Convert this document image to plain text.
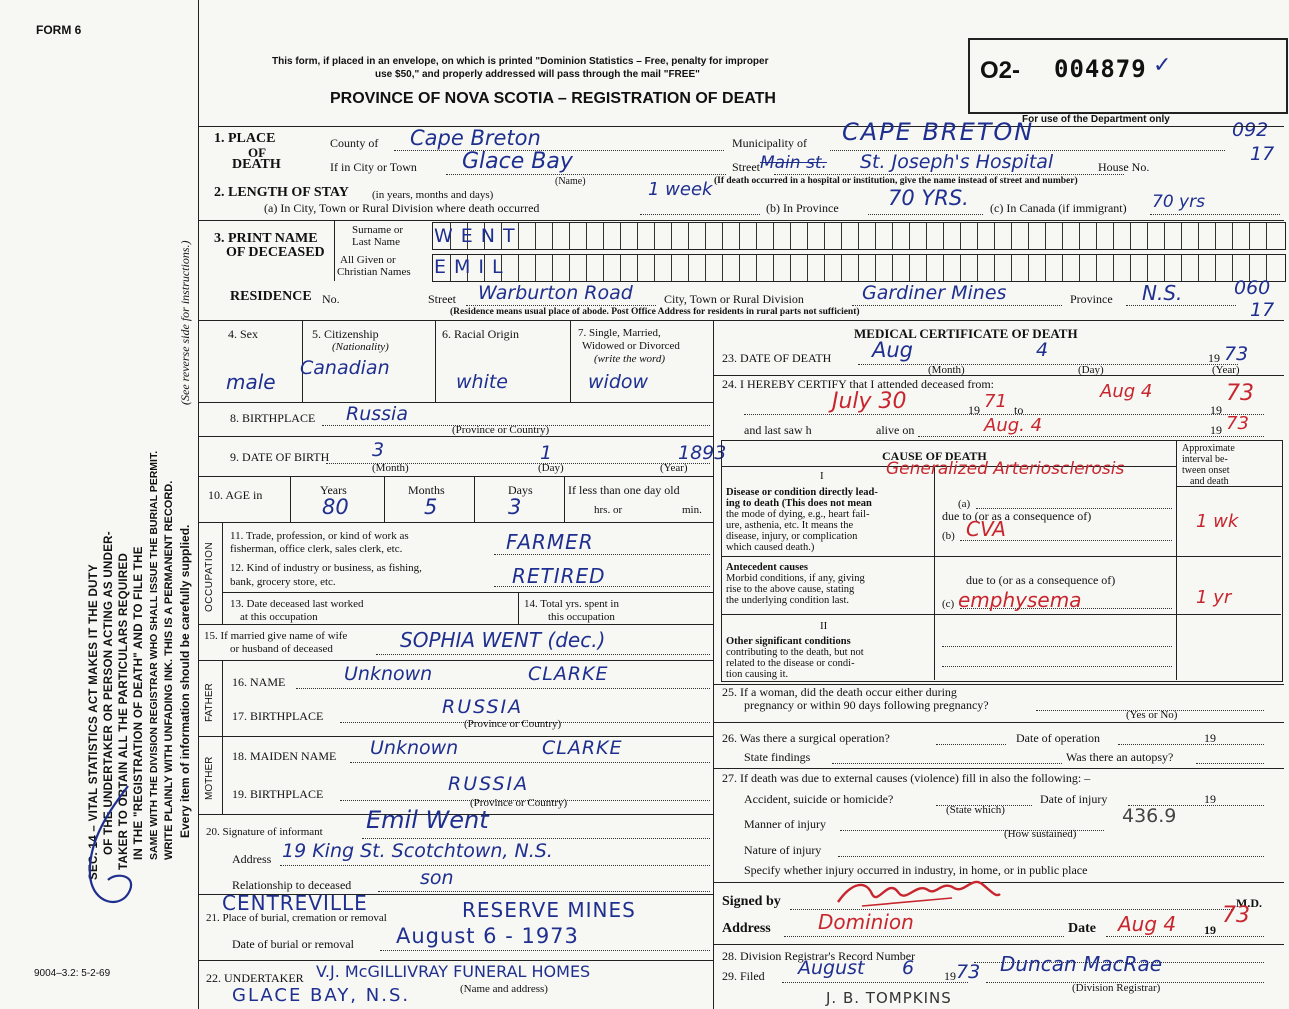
FORM 6
9004–3.2: 5-2-69
SEC. 14 – VITAL STATISTICS ACT MAKES IT THE DUTY OF THE UNDERTAKER OR PERSON ACTING AS UNDER- TAKER TO OBTAIN ALL THE PARTICULARS REQUIRED IN THE "REGISTRATION OF DEATH" AND TO FILE THE SAME WITH THE DIVISION REGISTRAR WHO SHALL ISSUE THE BURIAL PERMIT. WRITE PLAINLY WITH UNFADING INK. THIS IS A PERMANENT RECORD. Every item of information should be carefully supplied.
(See reverse side for instructions.)
This form, if placed in an envelope, on which is printed "Dominion Statistics – Free, penalty for improper
use $50," and properly addressed will pass through the mail "FREE"
PROVINCE OF NOVA SCOTIA – REGISTRATION OF DEATH
O2- 004879 ✓
For use of the Department only	092
17
1. PLACE
OF
DEATH
County of Cape Breton	Municipality of CAPE BRETON
If in City or Town Glace Bay
(Name)
Street Main st. St. Joseph's Hospital	House No.
(If death occurred in a hospital or institution, give the name instead of street and number)
2. LENGTH OF STAY (in years, months and days)
(a) In City, Town or Rural Division where death occurred
1 week
(b) In Province 70 YRS. (c) In Canada (if immigrant) 70 yrs
3. PRINT NAME
OF DECEASED
Surname or
Last Name
All Given or
Christian Names
WENT
EMIL
RESIDENCE No.	Street Warburton Road	City, Town or Rural Division	Gardiner Mines	Province N.S.	060
(Residence means usual place of abode. Post Office Address for residents in rural parts not sufficient)	17
4. Sex
male
5. Citizenship
(Nationality)
Canadian
6. Racial Origin
white
7. Single, Married,
Widowed or Divorced
(write the word)
widow
8. BIRTHPLACE Russia
(Province or Country)
9. DATE OF BIRTH 3	1	1893
(Month)	(Day)	(Year)
10. AGE in	Years	Months	Days
80	5	3
If less than one day old
hrs. or	min.
OCCUPATION
11. Trade, profession, or kind of work as
fisherman, office clerk, sales clerk, etc.	FARMER
12. Kind of industry or business, as fishing,
bank, grocery store, etc.	RETIRED
13. Date deceased last worked
at this occupation
14. Total yrs. spent in
this occupation
15. If married give name of wife
or husband of deceased	SOPHIA WENT (dec.)
FATHER
16. NAME	Unknown	CLARKE
17. BIRTHPLACE	RUSSIA
(Province or Country)
MOTHER
18. MAIDEN NAME Unknown	CLARKE
19. BIRTHPLACE	RUSSIA
(Province or Country)
20. Signature of informant Emil Went
Address 19 King St. Scotchtown, N.S.
Relationship to deceased	son
CENTREVILLE
21. Place of burial, cremation or removal	RESERVE MINES
Date of burial or removal August 6 - 1973
22. UNDERTAKER V.J. McGILLIVRAY FUNERAL HOMES
(Name and address)
GLACE BAY, N.S.
MEDICAL CERTIFICATE OF DEATH
23. DATE OF DEATH Aug	4	19 73
(Month)	(Day)	(Year)
24. I HEREBY CERTIFY that I attended deceased from:
July 30	19 71 to
Aug 4
19
73
and last saw h	alive on	Aug. 4	19 73
CAUSE OF DEATH
Approximate
interval be-
tween onset
and death
I
Disease or condition directly lead-
ing to death (This does not mean
the mode of dying, e.g., heart fail-
ure, asthenia, etc. It means the
disease, injury, or complication
which caused death.)
(a)
Generalized Arteriosclerosis
due to (or as a consequence of)
(b) CVA	1 wk
Antecedent causes
Morbid conditions, if any, giving
rise to the above cause, stating
the underlying condition last.
due to (or as a consequence of)
(c) emphysema	1 yr
II
Other significant conditions
contributing to the death, but not
related to the disease or condi-
tion causing it.
25. If a woman, did the death occur either during
pregnancy or within 90 days following pregnancy?
(Yes or No)
26. Was there a surgical operation?	Date of operation	19
State findings	Was there an autopsy?
27. If death was due to external causes (violence) fill in also the following: –
Accident, suicide or homicide?
(State which)
Date of injury	19
436.9
Manner of injury
(How sustained)
Nature of injury
Specify whether injury occurred in industry, in home, or in public place
Signed by	M.D.
Address Dominion	Date Aug 4 19
73
28. Division Registrar's Record Number
29. Filed August 6 19 73 Duncan MacRae
(Division Registrar)
J. B. TOMPKINS
